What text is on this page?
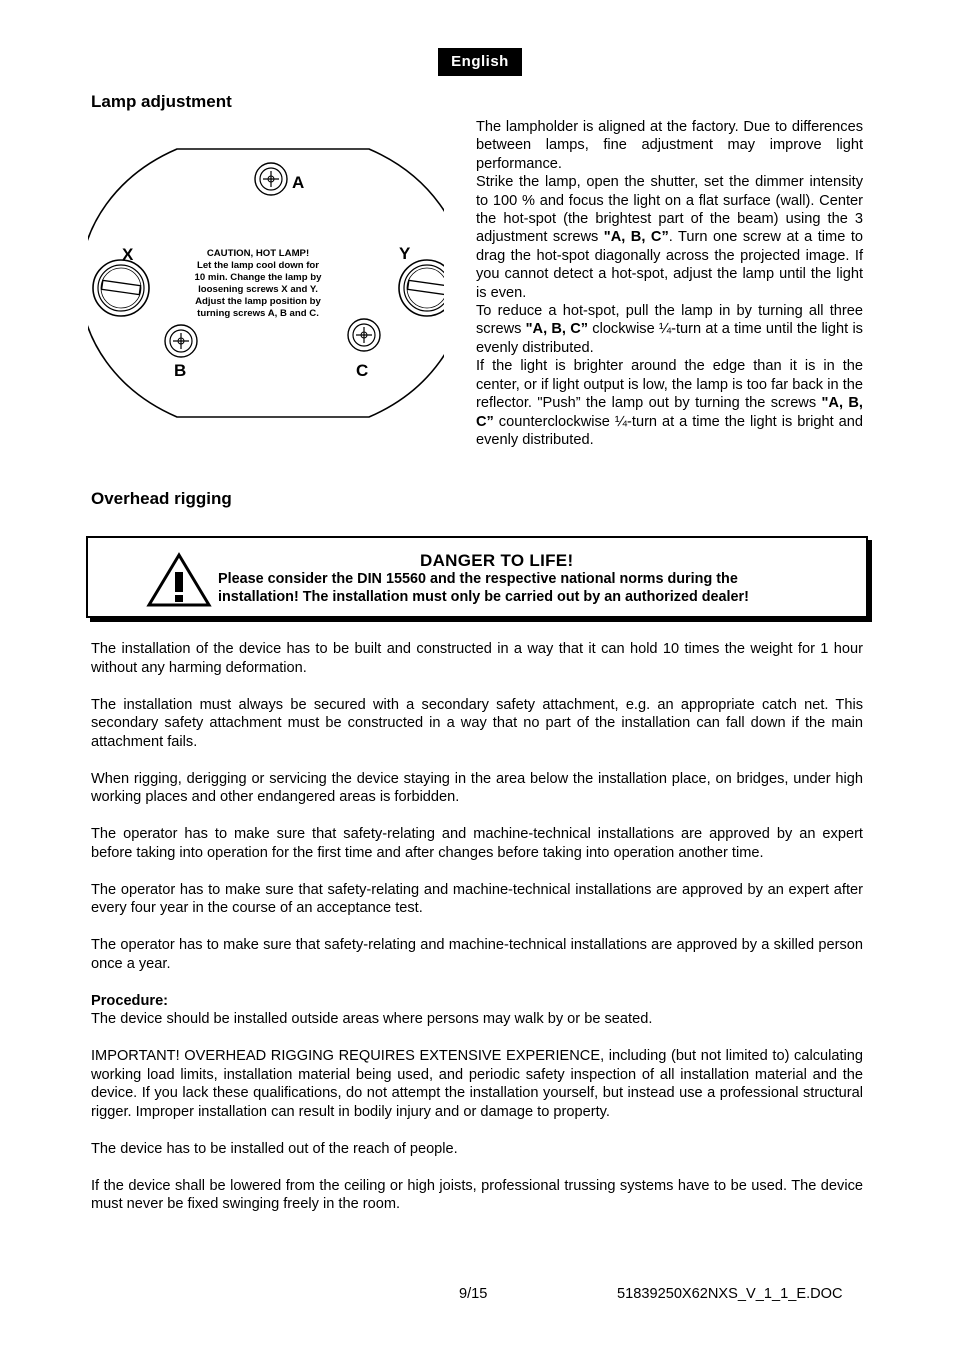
English
Lamp adjustment
A
B	C
X	Y
CAUTION, HOT LAMP!
Let the lamp cool down for
10 min. Change the lamp by
loosening screws X and Y.
Adjust the lamp position by
turning screws A, B and C.

The lampholder is aligned at the factory. Due to differences between lamps, fine adjustment may improve light performance.

Strike the lamp, open the shutter, set the dimmer intensity to 100 % and focus the light on a flat surface (wall). Center the hot-spot (the brightest part of the beam) using the 3 adjustment screws "A, B, C”. Turn one screw at a time to drag the hot-spot diagonally across the projected image. If you cannot detect a hot-spot, adjust the lamp until the light is even.

To reduce a hot-spot, pull the lamp in by turning all three screws "A, B, C” clockwise ¼-turn at a time until the light is evenly distributed.

If the light is brighter around the edge than it is in the center, or if light output is low, the lamp is too far back in the reflector. "Push” the lamp out by turning the screws "A, B, C” counterclockwise ¼-turn at a time the light is bright and evenly distributed.

Overhead rigging
DANGER TO LIFE!
Please consider the DIN 15560 and the respective national norms during the
installation! The installation must only be carried out by an authorized dealer!

The installation of the device has to be built and constructed in a way that it can hold 10 times the weight for 1 hour without any harming deformation.

The installation must always be secured with a secondary safety attachment, e.g. an appropriate catch net. This secondary safety attachment must be constructed in a way that no part of the installation can fall down if the main attachment fails.

When rigging, derigging or servicing the device staying in the area below the installation place, on bridges, under high working places and other endangered areas is forbidden.

The operator has to make sure that safety-relating and machine-technical installations are approved by an expert before taking into operation for the first time and after changes before taking into operation another time.

The operator has to make sure that safety-relating and machine-technical installations are approved by an expert after every four year in the course of an acceptance test.

The operator has to make sure that safety-relating and machine-technical installations are approved by a skilled person once a year.

Procedure:

The device should be installed outside areas where persons may walk by or be seated.

IMPORTANT! OVERHEAD RIGGING REQUIRES EXTENSIVE EXPERIENCE, including (but not limited to) calculating working load limits, installation material being used, and periodic safety inspection of all installation material and the device. If you lack these qualifications, do not attempt the installation yourself, but instead use a professional structural rigger. Improper installation can result in bodily injury and or damage to property.

The device has to be installed out of the reach of people.

If the device shall be lowered from the ceiling or high joists, professional trussing systems have to be used. The device must never be fixed swinging freely in the room.

9/15	51839250X62NXS_V_1_1_E.DOC
